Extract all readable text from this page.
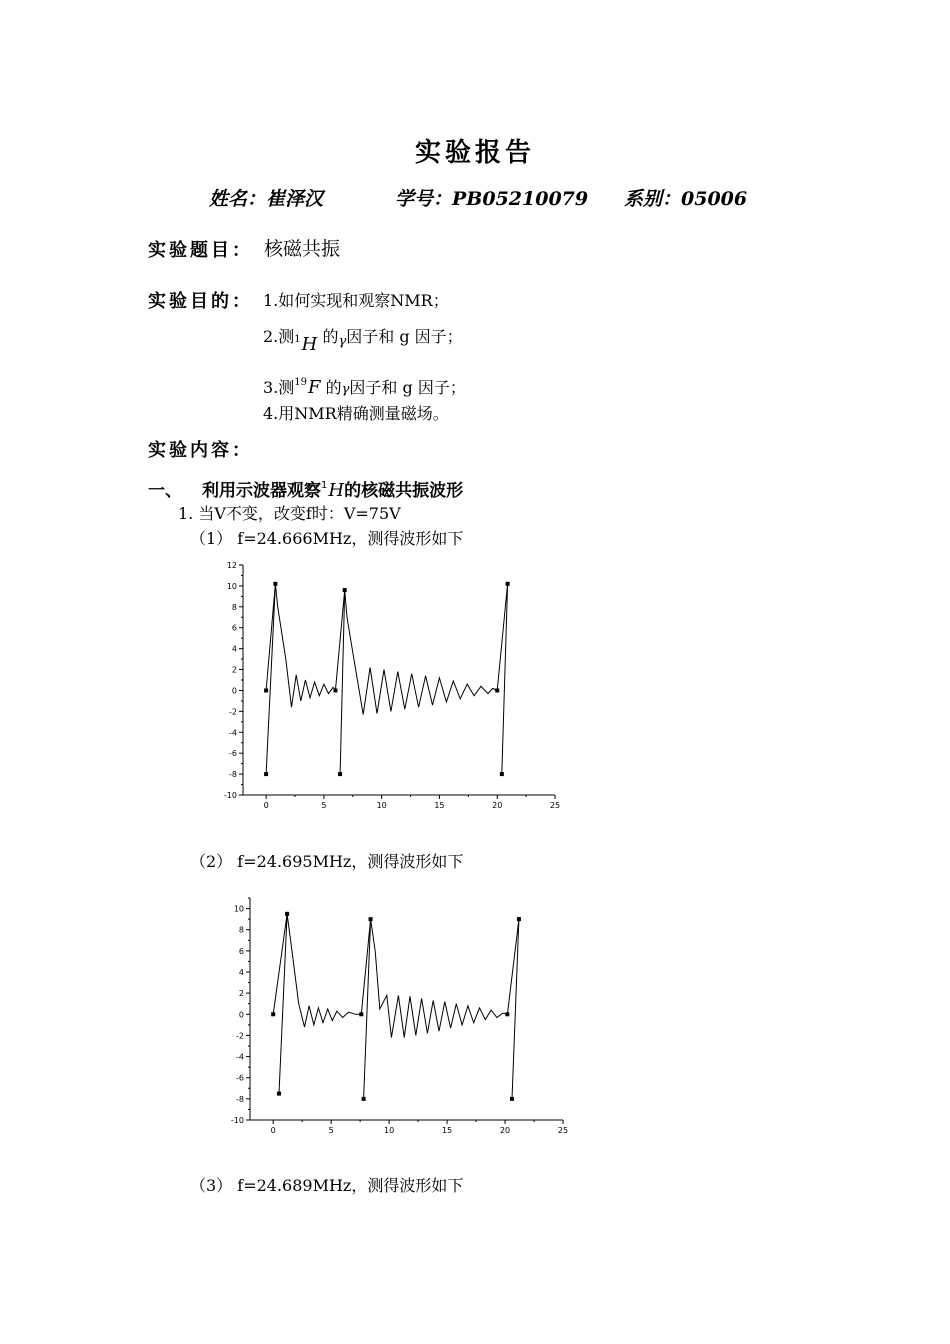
实验报告
姓名：崔泽汉	学号：PB05210079 系别：05006
实验题目： 核磁共振
实验目的： 1.如何实现和观察NMR；
2.测$^1$H 的γ因子和 g 因子；
3.测$^{19}$F 的γ因子和 g 因子；
4.用NMR精确测量磁场。
实验内容：
一、 利用示波器观察$^1$H的核磁共振波形
1. 当V不变，改变f时：V=75V
（1） f=24.666MHz，测得波形如下
0	5	10	15	20	25
-10
-8
-6
-4
-2
0
2
4
6
8
10
12
（2） f=24.695MHz，测得波形如下
0	5	10	15	20	25
-10
-8
-6
-4
-2
0
2
4
6
8
10
（3） f=24.689MHz，测得波形如下
